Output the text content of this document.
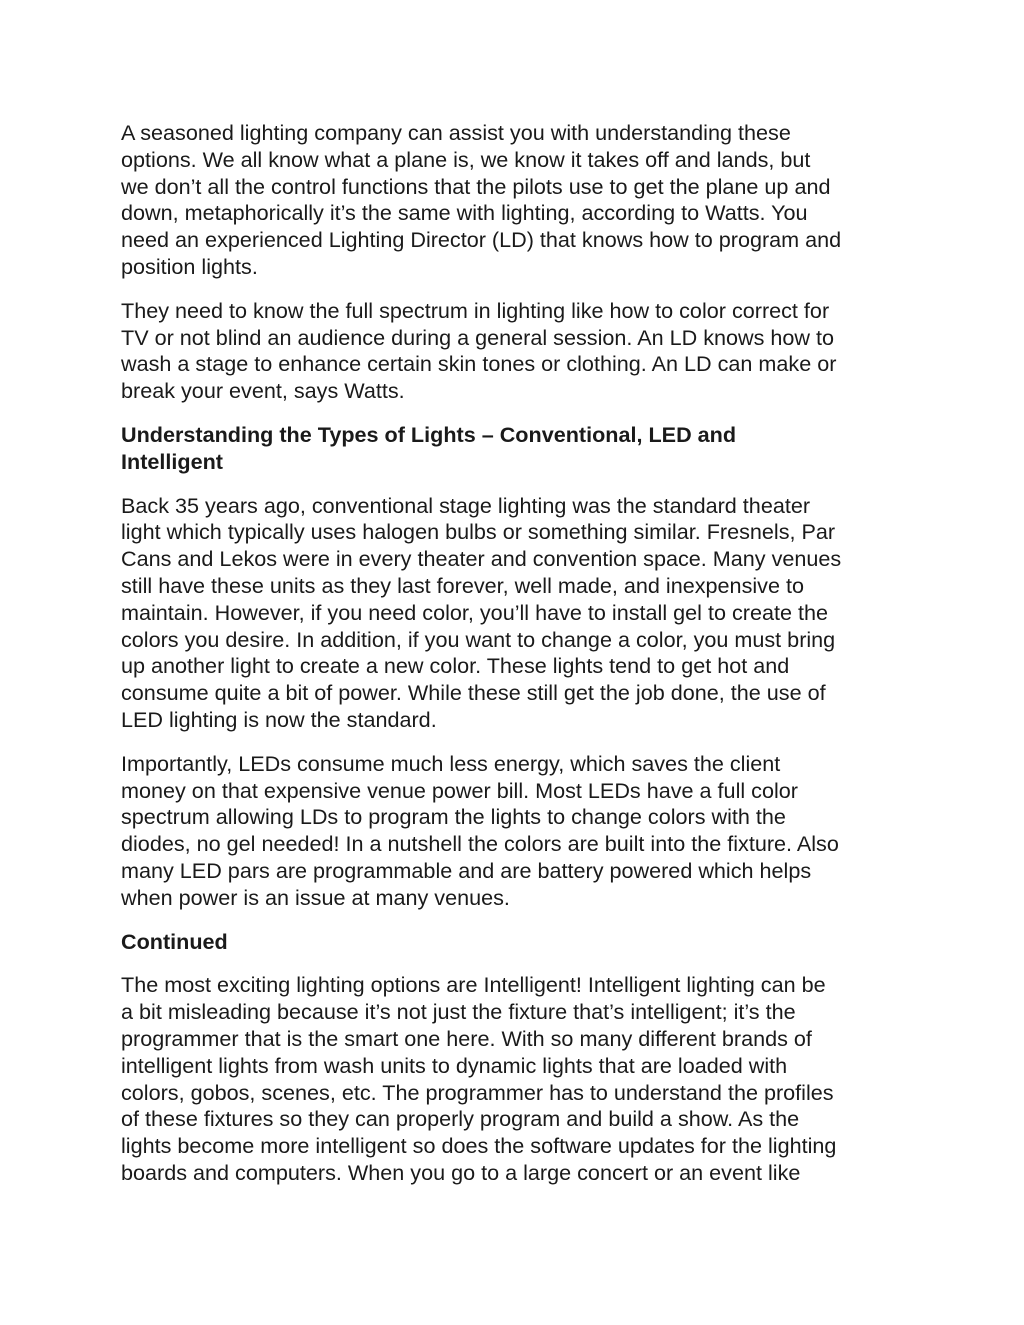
A seasoned lighting company can assist you with understanding these
options. We all know what a plane is, we know it takes off and lands, but
we don’t all the control functions that the pilots use to get the plane up and
down, metaphorically it’s the same with lighting, according to Watts. You
need an experienced Lighting Director (LD) that knows how to program and
position lights.

They need to know the full spectrum in lighting like how to color correct for
TV or not blind an audience during a general session. An LD knows how to
wash a stage to enhance certain skin tones or clothing. An LD can make or
break your event, says Watts.

Understanding the Types of Lights – Conventional, LED and
Intelligent

Back 35 years ago, conventional stage lighting was the standard theater
light which typically uses halogen bulbs or something similar. Fresnels, Par
Cans and Lekos were in every theater and convention space. Many venues
still have these units as they last forever, well made, and inexpensive to
maintain. However, if you need color, you’ll have to install gel to create the
colors you desire. In addition, if you want to change a color, you must bring
up another light to create a new color. These lights tend to get hot and
consume quite a bit of power. While these still get the job done, the use of
LED lighting is now the standard.

Importantly, LEDs consume much less energy, which saves the client
money on that expensive venue power bill. Most LEDs have a full color
spectrum allowing LDs to program the lights to change colors with the
diodes, no gel needed! In a nutshell the colors are built into the fixture. Also
many LED pars are programmable and are battery powered which helps
when power is an issue at many venues.

Continued

The most exciting lighting options are Intelligent! Intelligent lighting can be
a bit misleading because it’s not just the fixture that’s intelligent; it’s the
programmer that is the smart one here. With so many different brands of
intelligent lights from wash units to dynamic lights that are loaded with
colors, gobos, scenes, etc. The programmer has to understand the profiles
of these fixtures so they can properly program and build a show. As the
lights become more intelligent so does the software updates for the lighting
boards and computers. When you go to a large concert or an event like
